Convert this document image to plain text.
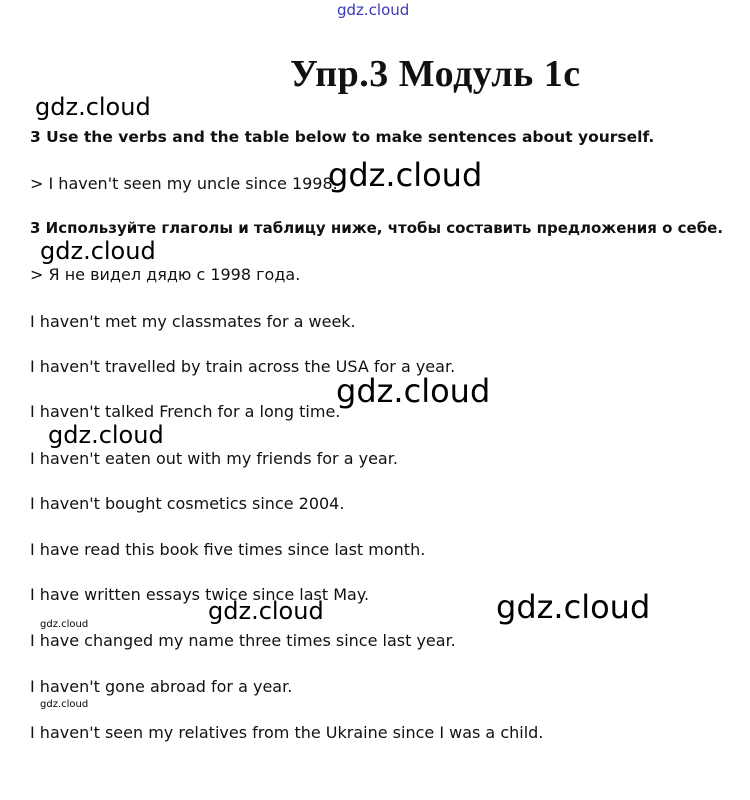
gdz.cloud
Упр.3 Модуль 1c
gdz.cloud
3 Use the verbs and the table below to make sentences about yourself.
> I haven't seen my uncle since 1998.
gdz.cloud
3 Используйте глаголы и таблицу ниже, чтобы составить предложения о себе.
gdz.cloud
> Я не видел дядю с 1998 года.
I haven't met my classmates for a week.
I haven't travelled by train across the USA for a year.
I haven't talked French for a long time.
gdz.cloud
gdz.cloud
I haven't eaten out with my friends for a year.
I haven't bought cosmetics since 2004.
I have read this book five times since last month.
I have written essays twice since last May.
gdz.cloud	gdz.cloud
gdz.cloud
I have changed my name three times since last year.
I haven't gone abroad for a year.
gdz.cloud
I haven't seen my relatives from the Ukraine since I was a child.
